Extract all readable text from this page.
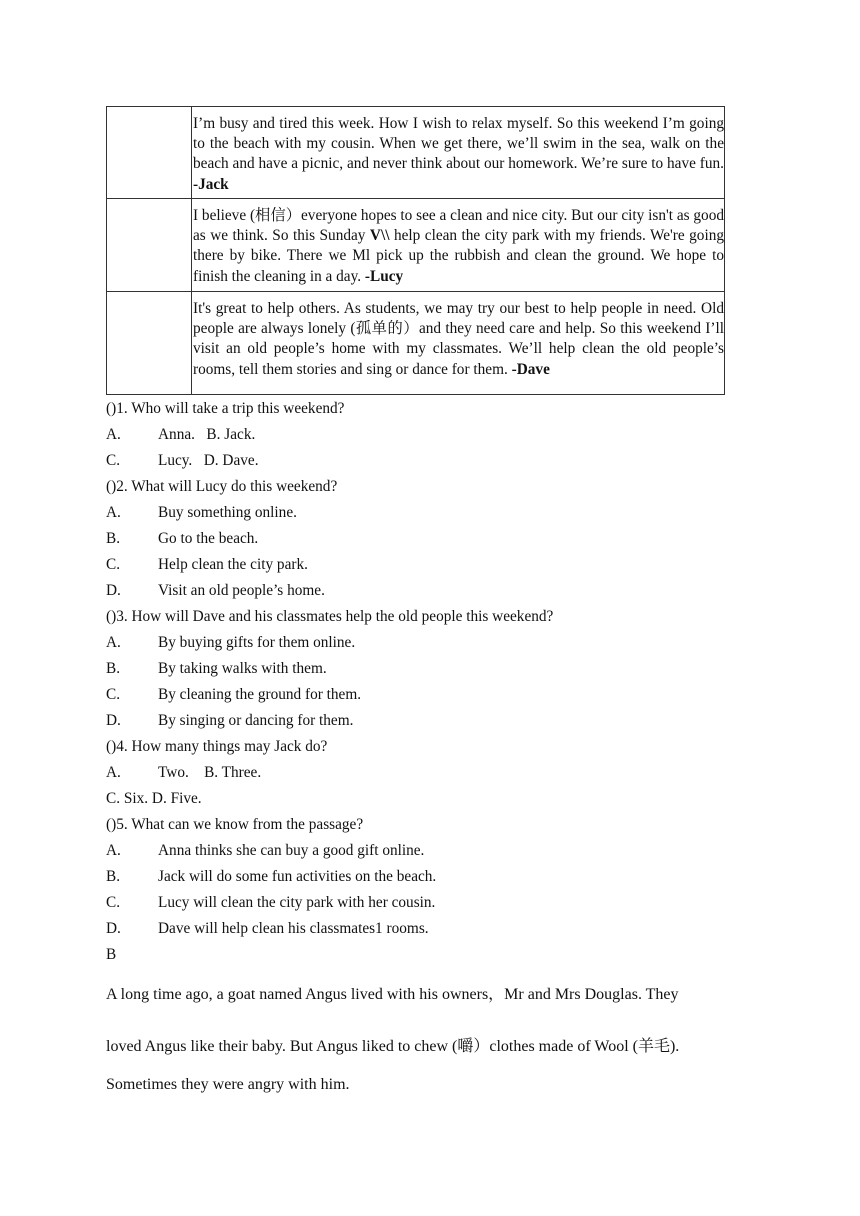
	I’m busy and tired this week. How I wish to relax myself. So this weekend I’m going to the beach with my cousin. When we get there, we’ll swim in the sea, walk on the beach and have a picnic, and never think about our homework. We’re sure to have fun. -Jack
	I believe (相信）everyone hopes to see a clean and nice city. But our city isn't as good as we think. So this Sunday V\\ help clean the city park with my friends. We're going there by bike. There we Ml pick up the rubbish and clean the ground. We hope to finish the cleaning in a day. -Lucy
	It's great to help others. As students, we may try our best to help people in need. Old people are always lonely (孤单的）and they need care and help. So this weekend I’ll visit an old people’s home with my classmates. We’ll help clean the old people’s rooms, tell them stories and sing or dance for them. -Dave
()1. Who will take a trip this weekend?
A. Anna.   B. Jack.
C. Lucy.   D. Dave.
()2. What will Lucy do this weekend?
A. Buy something online.
B. Go to the beach.
C. Help clean the city park.
D. Visit an old people’s home.
()3. How will Dave and his classmates help the old people this weekend?
A. By buying gifts for them online.
B. By taking walks with them.
C. By cleaning the ground for them.
D. By singing or dancing for them.
()4. How many things may Jack do?
A. Two.    B. Three.
C. Six. D. Five.
()5. What can we know from the passage?
A. Anna thinks she can buy a good gift online.
B. Jack will do some fun activities on the beach.
C. Lucy will clean the city park with her cousin.
D. Dave will help clean his classmates1 rooms.
B
A long time ago, a goat named Angus lived with his owners，Mr and Mrs Douglas. They
loved Angus like their baby. But Angus liked to chew (嚼）clothes made of Wool (羊毛).
Sometimes they were angry with him.
